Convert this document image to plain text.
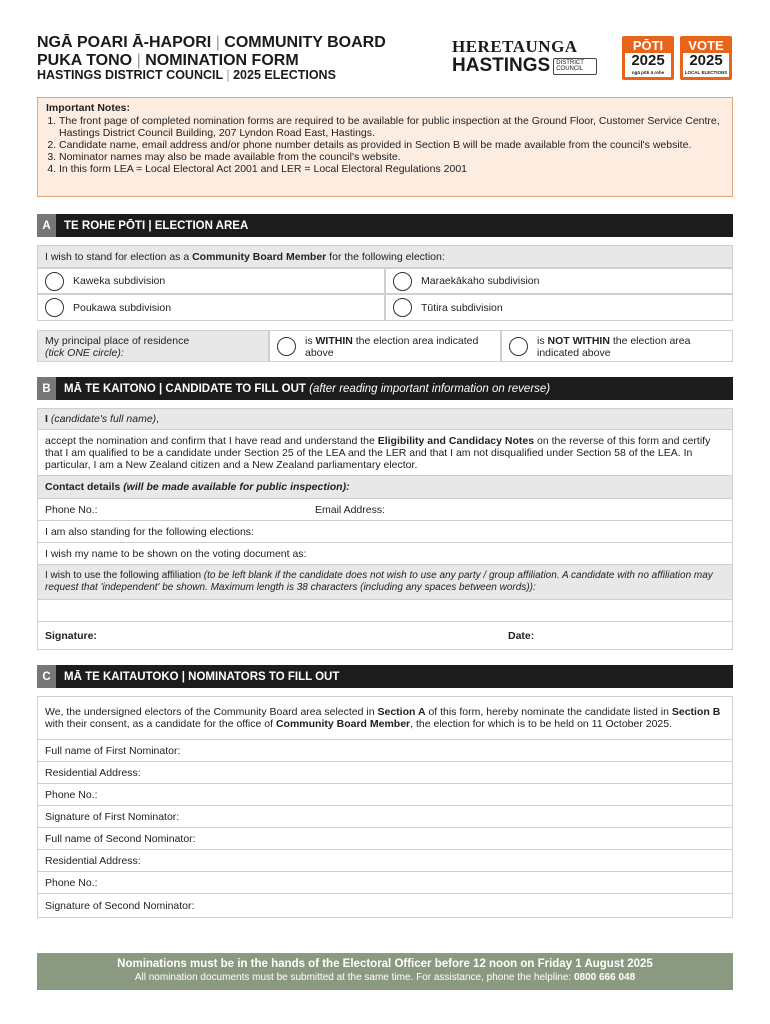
NGĀ POARI Ā-HAPORI | COMMUNITY BOARD
PUKA TONO | NOMINATION FORM
HASTINGS DISTRICT COUNCIL | 2025 ELECTIONS
HERETAUNGA
HASTINGS	DISTRICT COUNCIL
PŌTI
2025
ngā pōti ā rohe
VOTE
2025
LOCAL ELECTIONS
Important Notes:
1. The front page of completed nomination forms are required to be available for public inspection at the Ground Floor, Customer Service Centre, Hastings District Council Building, 207 Lyndon Road East, Hastings.
2. Candidate name, email address and/or phone number details as provided in Section B will be made available from the council's website.
3. Nominator names may also be made available from the council's website.
4. In this form LEA = Local Electoral Act 2001 and LER = Local Electoral Regulations 2001
A	TE ROHE PŌTI | ELECTION AREA
I wish to stand for election as a Community Board Member for the following election:
Kaweka subdivision	Maraekākaho subdivision
Poukawa subdivision	Tūtira subdivision
My principal place of residence
(tick ONE circle):
is WITHIN the election area indicated above
is NOT WITHIN the election area indicated above
B	MĀ TE KAITONO | CANDIDATE TO FILL OUT
(after reading important information on reverse)
I (candidate's full name),
accept the nomination and confirm that I have read and understand the Eligibility and Candidacy Notes on the reverse of this form and certify that I am qualified to be a candidate under Section 25 of the LEA and the LER and that I am not disqualified under Section 58 of the LEA. In particular, I am a New Zealand citizen and a New Zealand parliamentary elector.
Contact details (will be made available for public inspection):
Phone No.:	Email Address:
I am also standing for the following elections:
I wish my name to be shown on the voting document as:
I wish to use the following affiliation (to be left blank if the candidate does not wish to use any party / group affiliation. A candidate with no affiliation may request that 'independent' be shown. Maximum length is 38 characters (including any spaces between words)):
Signature:	Date:
C	MĀ TE KAITAUTOKO | NOMINATORS TO FILL OUT
We, the undersigned electors of the Community Board area selected in Section A of this form, hereby nominate the candidate listed in Section B with their consent, as a candidate for the office of Community Board Member, the election for which is to be held on 11 October 2025.
Full name of First Nominator:
Residential Address:
Phone No.:
Signature of First Nominator:
Full name of Second Nominator:
Residential Address:
Phone No.:
Signature of Second Nominator:
Nominations must be in the hands of the Electoral Officer before 12 noon on Friday 1 August 2025
All nomination documents must be submitted at the same time. For assistance, phone the helpline: 0800 666 048
